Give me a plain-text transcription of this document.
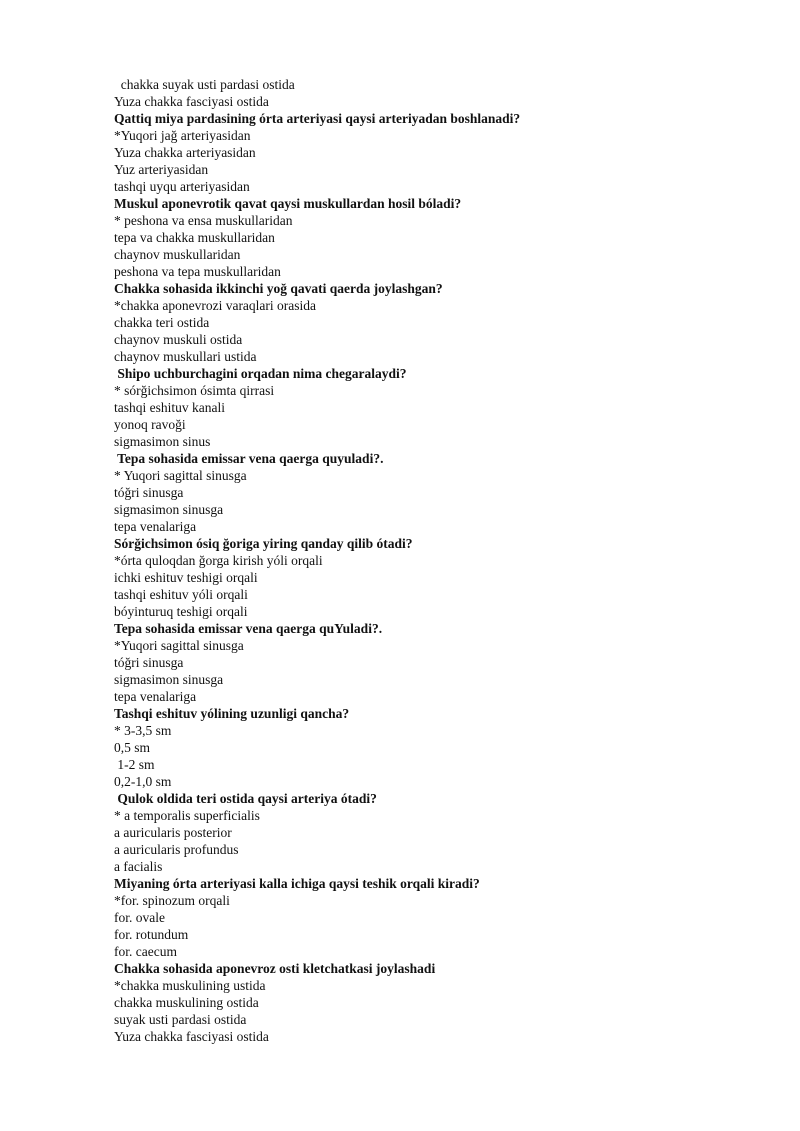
chakka suyak usti pardasi ostida
Yuza chakka fasciyasi ostida
Qattiq miya pardasining órta arteriyasi qaysi arteriyadan boshlanadi?
*Yuqori jağ arteriyasidan
Yuza chakka arteriyasidan
Yuz arteriyasidan
tashqi uyqu arteriyasidan
Muskul aponevrotik qavat qaysi muskullardan hosil bóladi?
* peshona va ensa muskullaridan
tepa va chakka muskullaridan
chaynov muskullaridan
peshona va tepa muskullaridan
Chakka sohasida ikkinchi yoğ qavati qaerda joylashgan?
*chakka aponevrozi varaqlari orasida
chakka teri ostida
chaynov muskuli ostida
chaynov muskullari ustida
Shipo uchburchagini orqadan nima chegaralaydi?
* sórğichsimon ósimta qirrasi
tashqi eshituv kanali
yonoq ravoği
sigmasimon sinus
Tepa sohasida emissar vena qaerga quyuladi?.
* Yuqori sagittal sinusga
tóğri sinusga
sigmasimon sinusga
tepa venalariga
Sórğichsimon ósiq ğoriga yiring qanday qilib ótadi?
*órta quloqdan ğorga kirish yóli orqali
ichki eshituv teshigi orqali
tashqi eshituv yóli orqali
bóyinturuq teshigi orqali
Tepa sohasida emissar vena qaerga quYuladi?.
*Yuqori sagittal sinusga
tóğri sinusga
sigmasimon sinusga
tepa venalariga
Tashqi eshituv yólining uzunligi qancha?
* 3-3,5 sm
0,5 sm
1-2 sm
0,2-1,0 sm
Qulok oldida teri ostida qaysi arteriya ótadi?
* a temporalis superficialis
a auricularis posterior
a auricularis profundus
a facialis
Miyaning órta arteriyasi kalla ichiga qaysi teshik orqali kiradi?
*for. spinozum orqali
for. ovale
for. rotundum
for. caecum
Chakka sohasida aponevroz osti kletchatkasi joylashadi
*chakka muskulining ustida
chakka muskulining ostida
suyak usti pardasi ostida
Yuza chakka fasciyasi ostida
